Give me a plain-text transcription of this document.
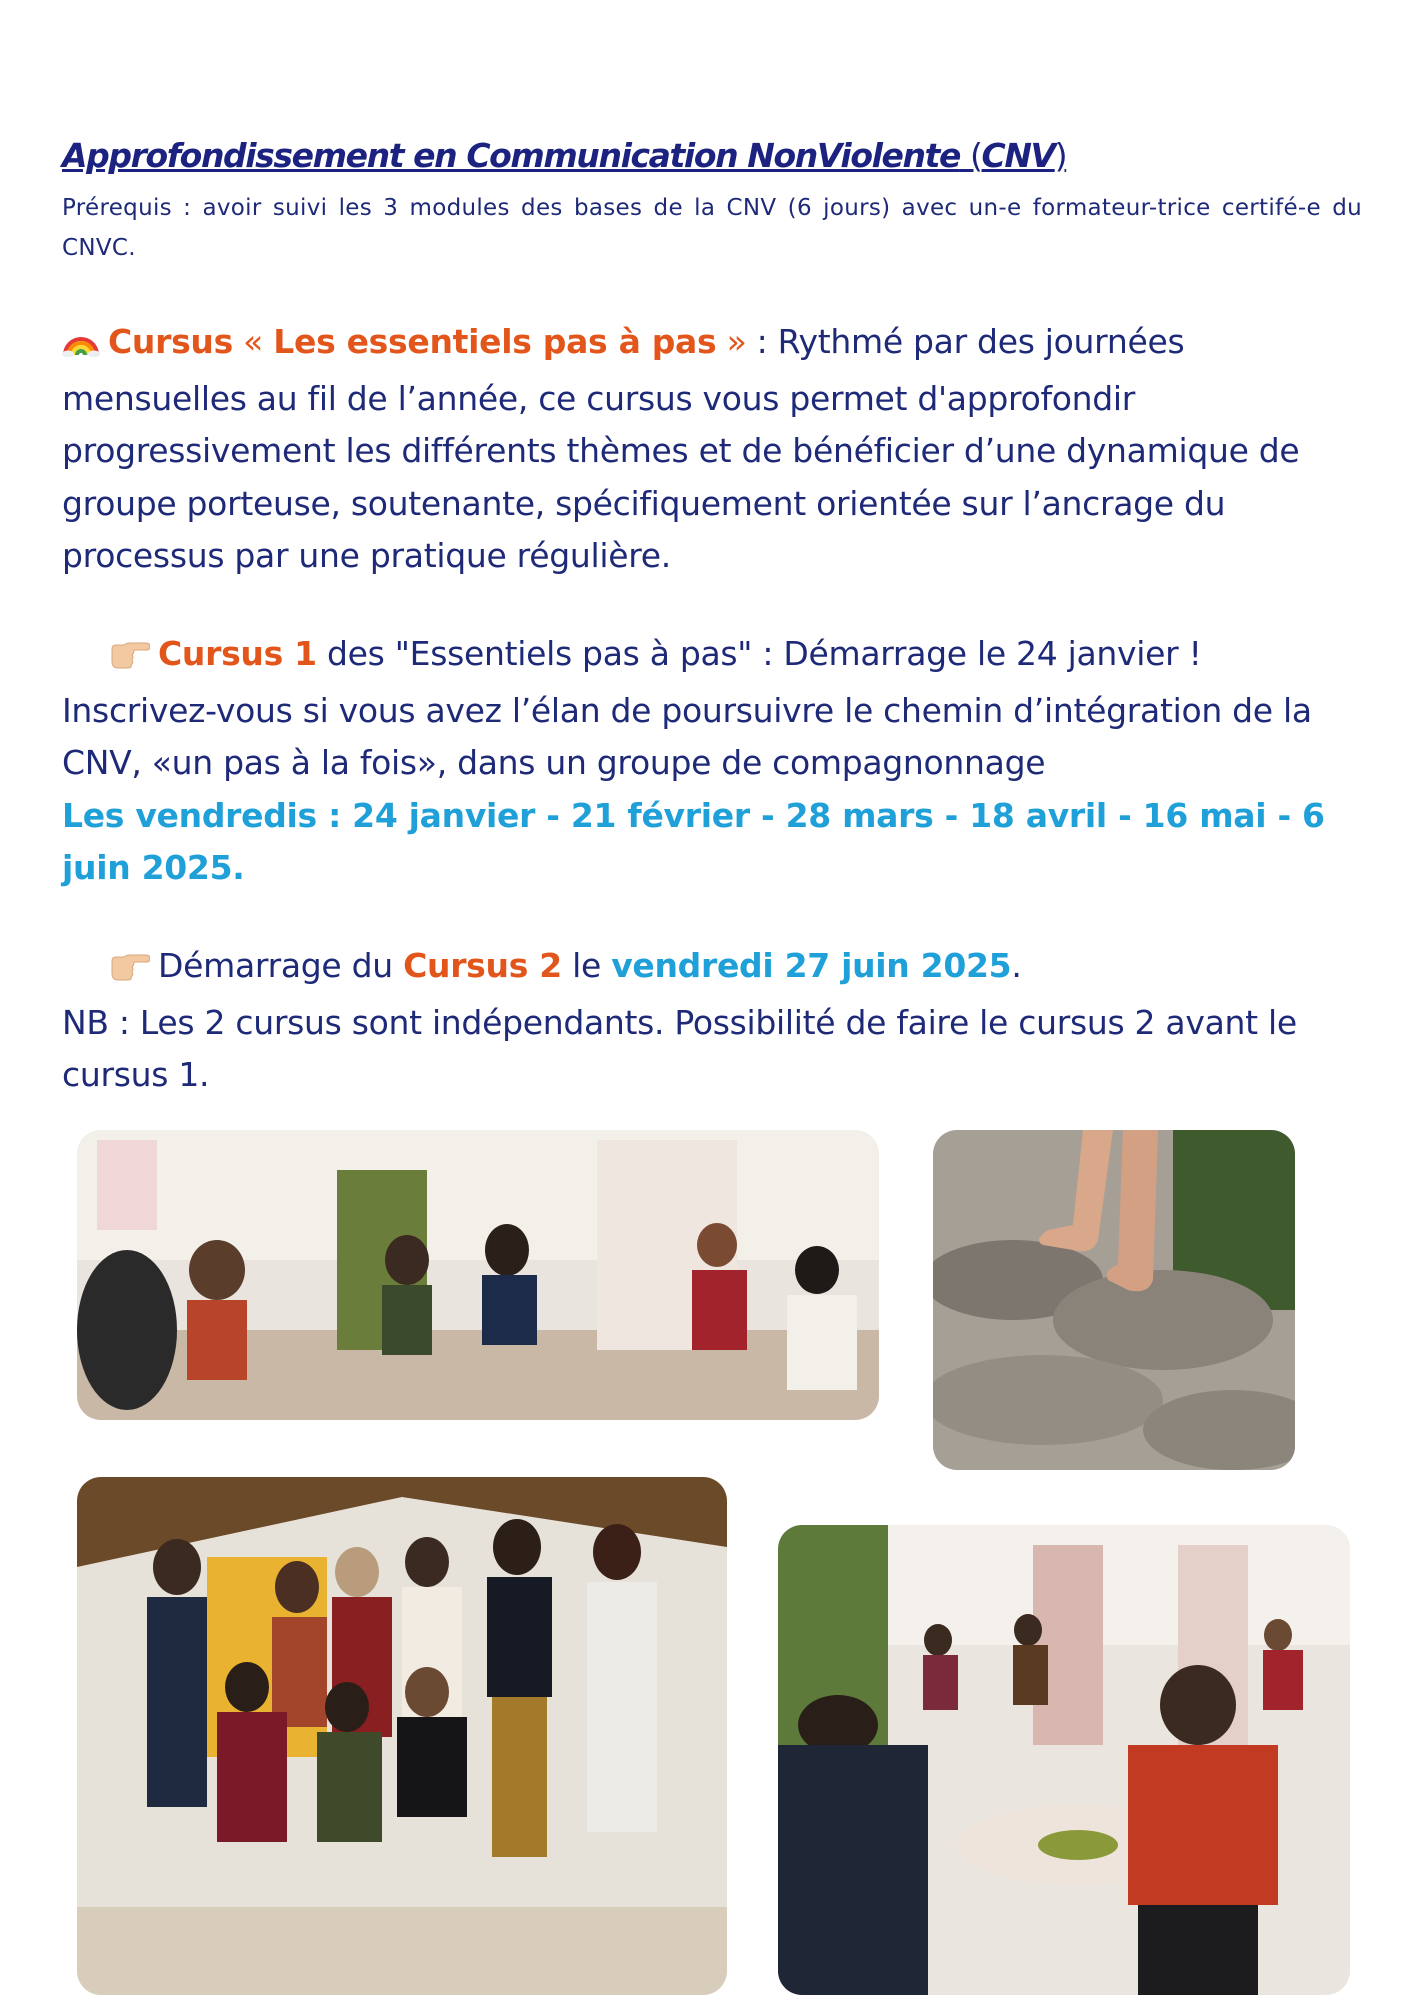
Approfondissement en Communication NonViolente (CNV)
Prérequis : avoir suivi les 3 modules des bases de la CNV (6 jours) avec un-e formateur-trice certifé-e du CNVC.
Cursus « Les essentiels pas à pas » : Rythmé par des journées mensuelles au fil de l’année, ce cursus vous permet d'approfondir progressivement les différents thèmes et de bénéficier d’une dynamique de groupe porteuse, soutenante, spécifiquement orientée sur l’ancrage du processus par une pratique régulière.
Cursus 1 des "Essentiels pas à pas" : Démarrage le 24 janvier !
Inscrivez-vous si vous avez l’élan de poursuivre le chemin d’intégration de la CNV, «un pas à la fois», dans un groupe de compagnonnage
Les vendredis : 24 janvier - 21 février - 28 mars - 18 avril - 16 mai - 6 juin 2025.
Démarrage du Cursus 2 le vendredi 27 juin 2025.
NB : Les 2 cursus sont indépendants. Possibilité de faire le cursus 2 avant le cursus 1.
